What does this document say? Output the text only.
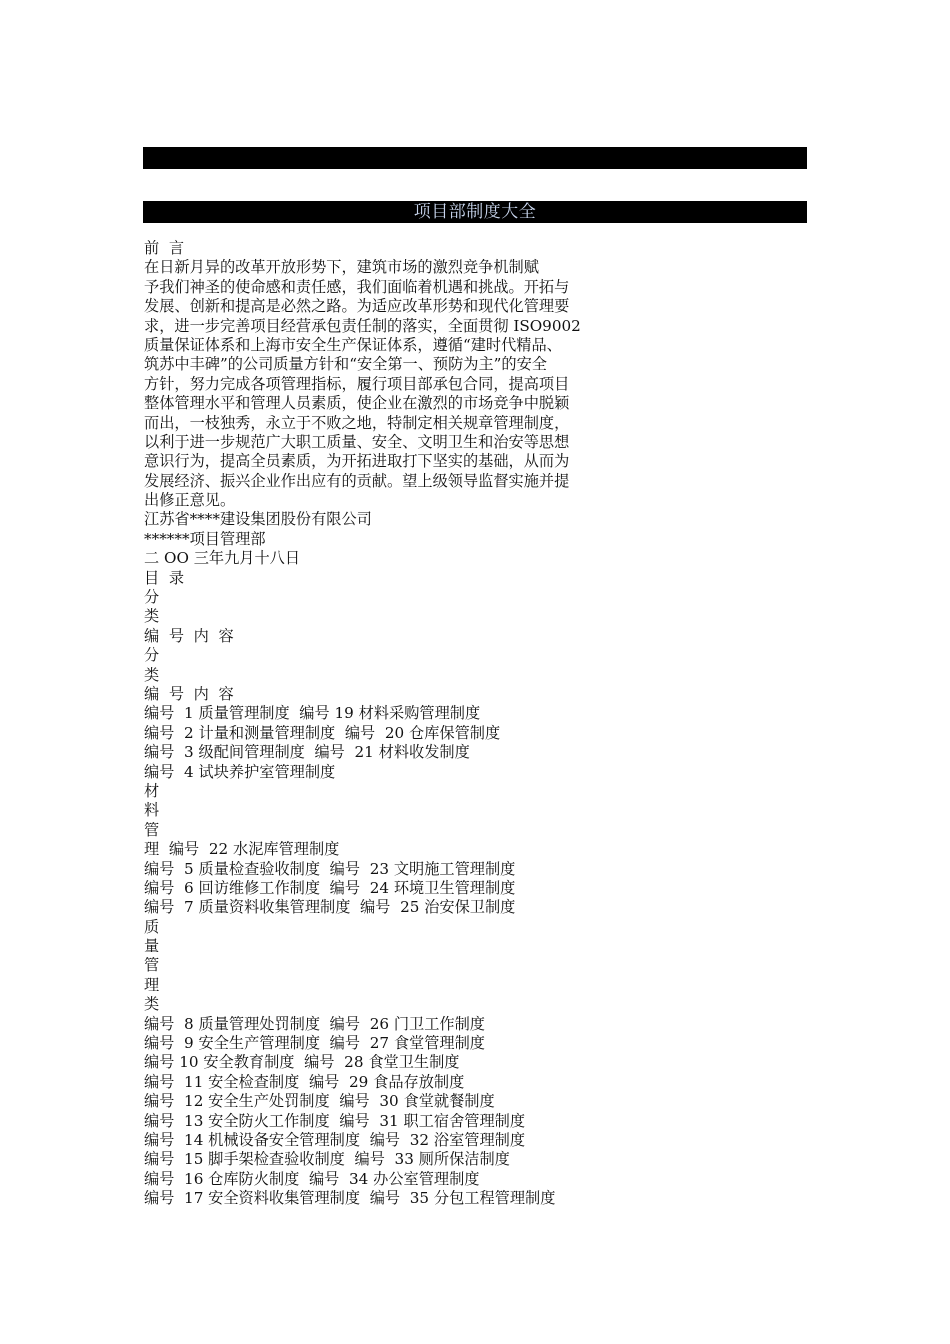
项目部制度大全
前  言
在日新月异的改革开放形势下，建筑市场的激烈竞争机制赋
予我们神圣的使命感和责任感，我们面临着机遇和挑战。开拓与
发展、创新和提高是必然之路。为适应改革形势和现代化管理要
求，进一步完善项目经营承包责任制的落实，全面贯彻 ISO9002
质量保证体系和上海市安全生产保证体系，遵循“建时代精品、
筑苏中丰碑”的公司质量方针和“安全第一、预防为主”的安全
方针，努力完成各项管理指标，履行项目部承包合同，提高项目
整体管理水平和管理人员素质，使企业在激烈的市场竞争中脱颖
而出，一枝独秀，永立于不败之地，特制定相关规章管理制度，
以利于进一步规范广大职工质量、安全、文明卫生和治安等思想
意识行为，提高全员素质，为开拓进取打下坚实的基础，从而为
发展经济、振兴企业作出应有的贡献。望上级领导监督实施并提
出修正意见。
江苏省****建设集团股份有限公司
******项目管理部
二 OO 三年九月十八日
目  录
分
类
编  号  内  容
分
类
编  号  内  容
编号  1 质量管理制度  编号 19 材料采购管理制度
编号  2 计量和测量管理制度  编号  20 仓库保管制度
编号  3 级配间管理制度  编号  21 材料收发制度
编号  4 试块养护室管理制度
材
料
管
理  编号  22 水泥库管理制度
编号  5 质量检查验收制度  编号  23 文明施工管理制度
编号  6 回访维修工作制度  编号  24 环境卫生管理制度
编号  7 质量资料收集管理制度  编号  25 治安保卫制度
质
量
管
理
类
编号  8 质量管理处罚制度  编号  26 门卫工作制度
编号  9 安全生产管理制度  编号  27 食堂管理制度
编号 10 安全教育制度  编号  28 食堂卫生制度
编号  11 安全检查制度  编号  29 食品存放制度
编号  12 安全生产处罚制度  编号  30 食堂就餐制度
编号  13 安全防火工作制度  编号  31 职工宿舍管理制度
编号  14 机械设备安全管理制度  编号  32 浴室管理制度
编号  15 脚手架检查验收制度  编号  33 厕所保洁制度
编号  16 仓库防火制度  编号  34 办公室管理制度
编号  17 安全资料收集管理制度  编号  35 分包工程管理制度
